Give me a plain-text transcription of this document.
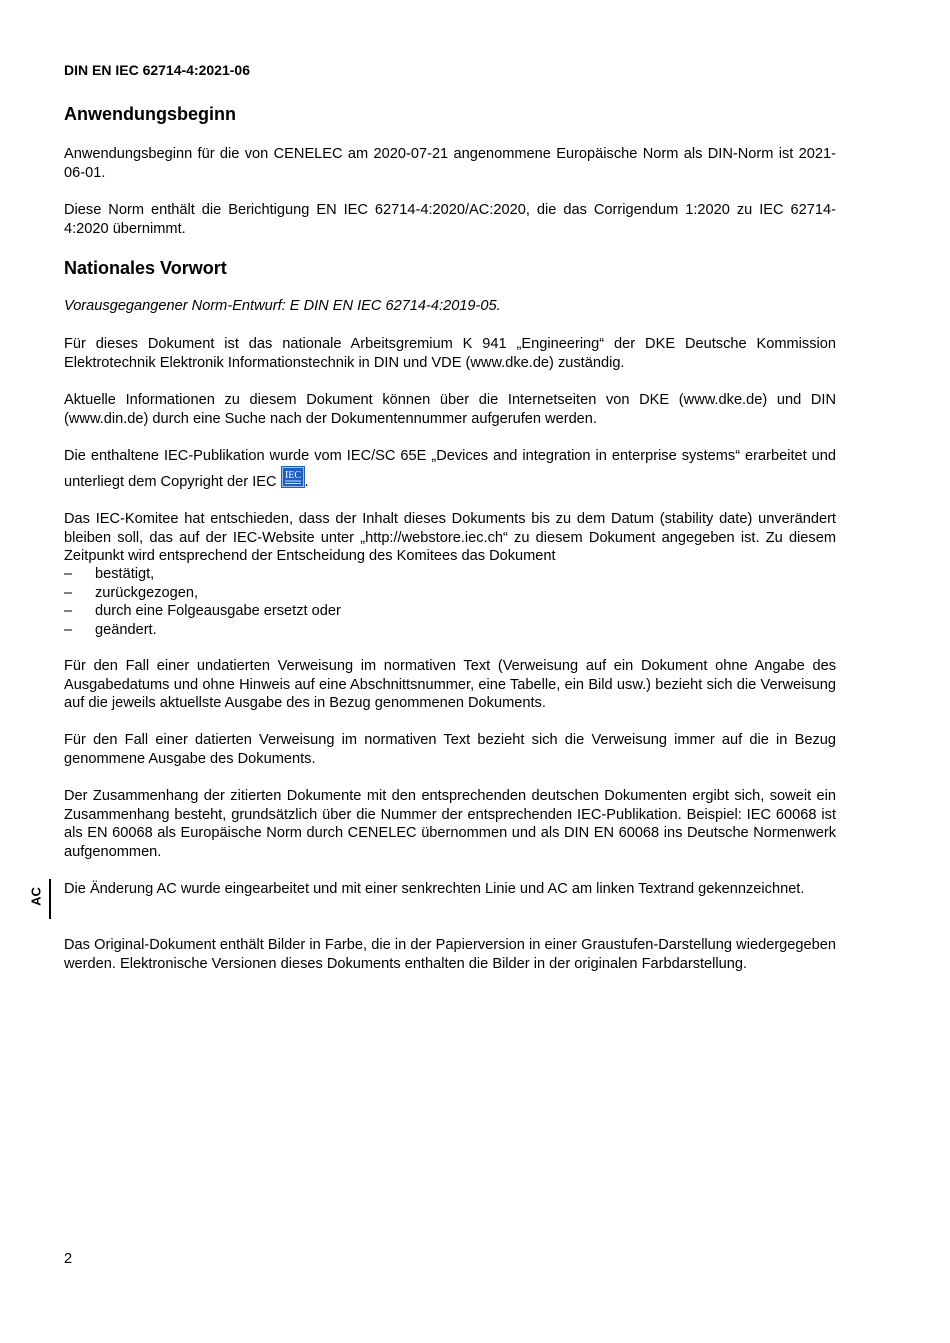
DIN EN IEC 62714-4:2021-06
Anwendungsbeginn

Anwendungsbeginn für die von CENELEC am 2020-07-21 angenommene Europäische Norm als DIN-Norm ist 2021-06-01.

Diese Norm enthält die Berichtigung EN IEC 62714-4:2020/AC:2020, die das Corrigendum 1:2020 zu IEC 62714-4:2020 übernimmt.

Nationales Vorwort

Vorausgegangener Norm-Entwurf: E DIN EN IEC 62714-4:2019-05.

Für dieses Dokument ist das nationale Arbeitsgremium K 941 „Engineering“ der DKE Deutsche Kommission Elektrotechnik Elektronik Informationstechnik in DIN und VDE (www.dke.de) zuständig.

Aktuelle Informationen zu diesem Dokument können über die Internetseiten von DKE (www.dke.de) und DIN (www.din.de) durch eine Suche nach der Dokumentennummer aufgerufen werden.

Die enthaltene IEC-Publikation wurde vom IEC/SC 65E „Devices and integration in enterprise systems“ erarbeitet und unterliegt dem Copyright der IEC IEC .

Das IEC-Komitee hat entschieden, dass der Inhalt dieses Dokuments bis zu dem Datum (stability date) unverändert bleiben soll, das auf der IEC-Website unter „http://webstore.iec.ch“ zu diesem Dokument angegeben ist. Zu diesem Zeitpunkt wird entsprechend der Entscheidung des Komitees das Dokument

– bestätigt,
– zurückgezogen,
– durch eine Folgeausgabe ersetzt oder
– geändert.

Für den Fall einer undatierten Verweisung im normativen Text (Verweisung auf ein Dokument ohne Angabe des Ausgabedatums und ohne Hinweis auf eine Abschnittsnummer, eine Tabelle, ein Bild usw.) bezieht sich die Verweisung auf die jeweils aktuellste Ausgabe des in Bezug genommenen Dokuments.

Für den Fall einer datierten Verweisung im normativen Text bezieht sich die Verweisung immer auf die in Bezug genommene Ausgabe des Dokuments.

Der Zusammenhang der zitierten Dokumente mit den entsprechenden deutschen Dokumenten ergibt sich, soweit ein Zusammenhang besteht, grundsätzlich über die Nummer der entsprechenden IEC-Publikation. Beispiel: IEC 60068 ist als EN 60068 als Europäische Norm durch CENELEC übernommen und als DIN EN 60068 ins Deutsche Normenwerk aufgenommen.

Die Änderung AC wurde eingearbeitet und mit einer senkrechten Linie und AC am linken Textrand gekennzeichnet.

Das Original-Dokument enthält Bilder in Farbe, die in der Papierversion in einer Graustufen-Darstellung wiedergegeben werden. Elektronische Versionen dieses Dokuments enthalten die Bilder in der originalen Farbdarstellung.

AC
2
